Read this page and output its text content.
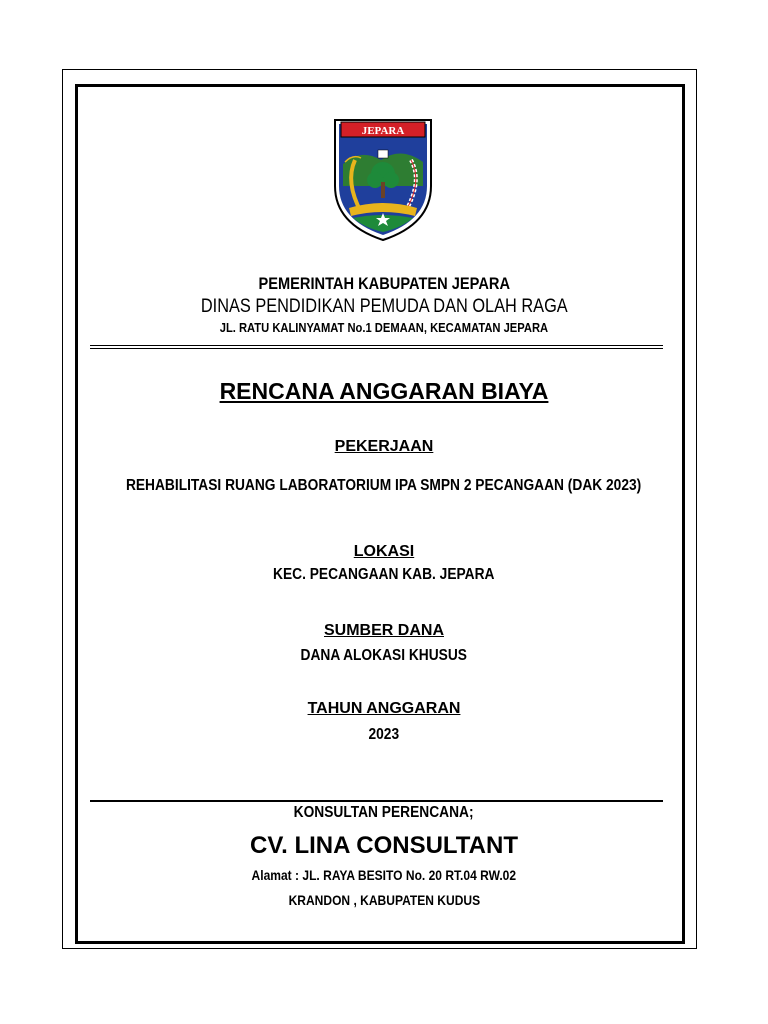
JEPARA
PEMERINTAH KABUPATEN JEPARA
DINAS PENDIDIKAN PEMUDA DAN OLAH RAGA
JL. RATU KALINYAMAT No.1 DEMAAN, KECAMATAN JEPARA
RENCANA ANGGARAN BIAYA
PEKERJAAN
REHABILITASI RUANG LABORATORIUM IPA SMPN 2 PECANGAAN (DAK 2023)
LOKASI
KEC. PECANGAAN KAB. JEPARA
SUMBER DANA
DANA ALOKASI KHUSUS
TAHUN ANGGARAN
2023
KONSULTAN PERENCANA;
CV. LINA CONSULTANT
Alamat : JL. RAYA BESITO No. 20 RT.04 RW.02
KRANDON , KABUPATEN KUDUS
